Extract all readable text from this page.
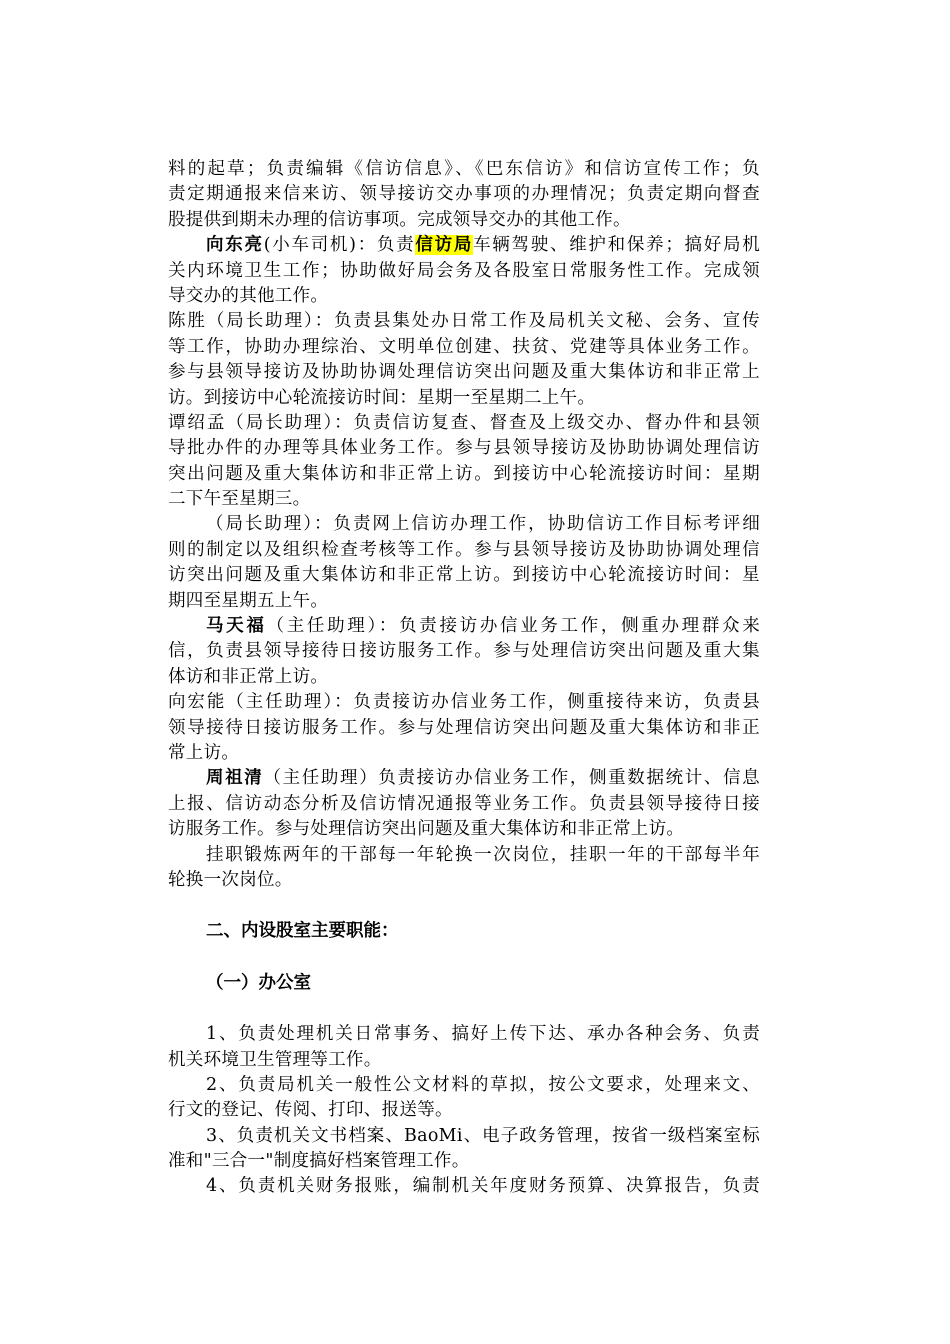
料的起草；负责编辑《信访信息》、《巴东信访》和信访宣传工作；负
责定期通报来信来访、领导接访交办事项的办理情况；负责定期向督查
股提供到期未办理的信访事项。完成领导交办的其他工作。
向东亮(小车司机)：负责信访局车辆驾驶、维护和保养；搞好局机
关内环境卫生工作；协助做好局会务及各股室日常服务性工作。完成领
导交办的其他工作。
陈胜（局长助理）：负责县集处办日常工作及局机关文秘、会务、宣传
等工作，协助办理综治、文明单位创建、扶贫、党建等具体业务工作。
参与县领导接访及协助协调处理信访突出问题及重大集体访和非正常上
访。到接访中心轮流接访时间：星期一至星期二上午。
谭绍孟（局长助理）：负责信访复查、督查及上级交办、督办件和县领
导批办件的办理等具体业务工作。参与县领导接访及协助协调处理信访
突出问题及重大集体访和非正常上访。到接访中心轮流接访时间：星期
二下午至星期三。
（局长助理）：负责网上信访办理工作，协助信访工作目标考评细
则的制定以及组织检查考核等工作。参与县领导接访及协助协调处理信
访突出问题及重大集体访和非正常上访。到接访中心轮流接访时间：星
期四至星期五上午。
马天福（主任助理）：负责接访办信业务工作，侧重办理群众来
信，负责县领导接待日接访服务工作。参与处理信访突出问题及重大集
体访和非正常上访。
向宏能（主任助理）：负责接访办信业务工作，侧重接待来访，负责县
领导接待日接访服务工作。参与处理信访突出问题及重大集体访和非正
常上访。
周祖清（主任助理）负责接访办信业务工作，侧重数据统计、信息
上报、信访动态分析及信访情况通报等业务工作。负责县领导接待日接
访服务工作。参与处理信访突出问题及重大集体访和非正常上访。
挂职锻炼两年的干部每一年轮换一次岗位，挂职一年的干部每半年
轮换一次岗位。
二、内设股室主要职能：
（一）办公室
1、负责处理机关日常事务、搞好上传下达、承办各种会务、负责
机关环境卫生管理等工作。
2、负责局机关一般性公文材料的草拟，按公文要求，处理来文、
行文的登记、传阅、打印、报送等。
3、负责机关文书档案、BaoMi、电子政务管理，按省一级档案室标
准和"三合一"制度搞好档案管理工作。
4、负责机关财务报账，编制机关年度财务预算、决算报告，负责
